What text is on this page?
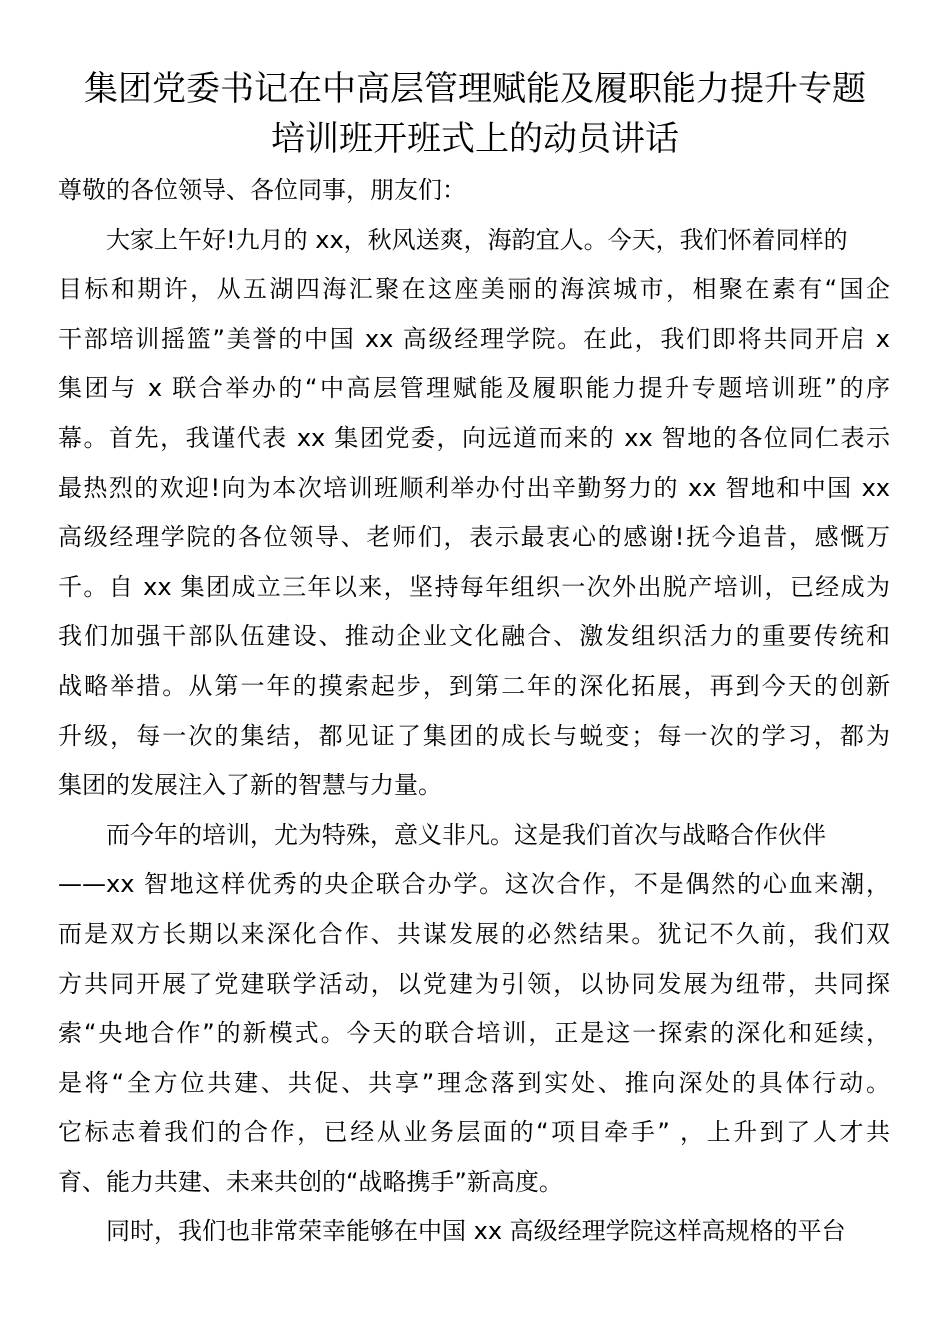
集团党委书记在中高层管理赋能及履职能力提升专题
培训班开班式上的动员讲话
尊敬的各位领导、各位同事，朋友们：
大家上午好!九月的 xx，秋风送爽，海韵宜人。今天，我们怀着同样的
目标和期许，从五湖四海汇聚在这座美丽的海滨城市，相聚在素有“国企
干部培训摇篮”美誉的中国 xx 高级经理学院。在此，我们即将共同开启 x
集团与 x 联合举办的“中高层管理赋能及履职能力提升专题培训班”的序
幕。首先，我谨代表 xx 集团党委，向远道而来的 xx 智地的各位同仁表示
最热烈的欢迎!向为本次培训班顺利举办付出辛勤努力的 xx 智地和中国 xx
高级经理学院的各位领导、老师们，表示最衷心的感谢!抚今追昔，感慨万
千。自 xx 集团成立三年以来，坚持每年组织一次外出脱产培训，已经成为
我们加强干部队伍建设、推动企业文化融合、激发组织活力的重要传统和
战略举措。从第一年的摸索起步，到第二年的深化拓展，再到今天的创新
升级，每一次的集结，都见证了集团的成长与蜕变；每一次的学习，都为
集团的发展注入了新的智慧与力量。
而今年的培训，尤为特殊，意义非凡。这是我们首次与战略合作伙伴
——xx 智地这样优秀的央企联合办学。这次合作，不是偶然的心血来潮，
而是双方长期以来深化合作、共谋发展的必然结果。犹记不久前，我们双
方共同开展了党建联学活动，以党建为引领，以协同发展为纽带，共同探
索“央地合作”的新模式。今天的联合培训，正是这一探索的深化和延续，
是将“全方位共建、共促、共享”理念落到实处、推向深处的具体行动。
它标志着我们的合作，已经从业务层面的“项目牵手” ，上升到了人才共
育、能力共建、未来共创的“战略携手”新高度。
同时，我们也非常荣幸能够在中国 xx 高级经理学院这样高规格的平台
